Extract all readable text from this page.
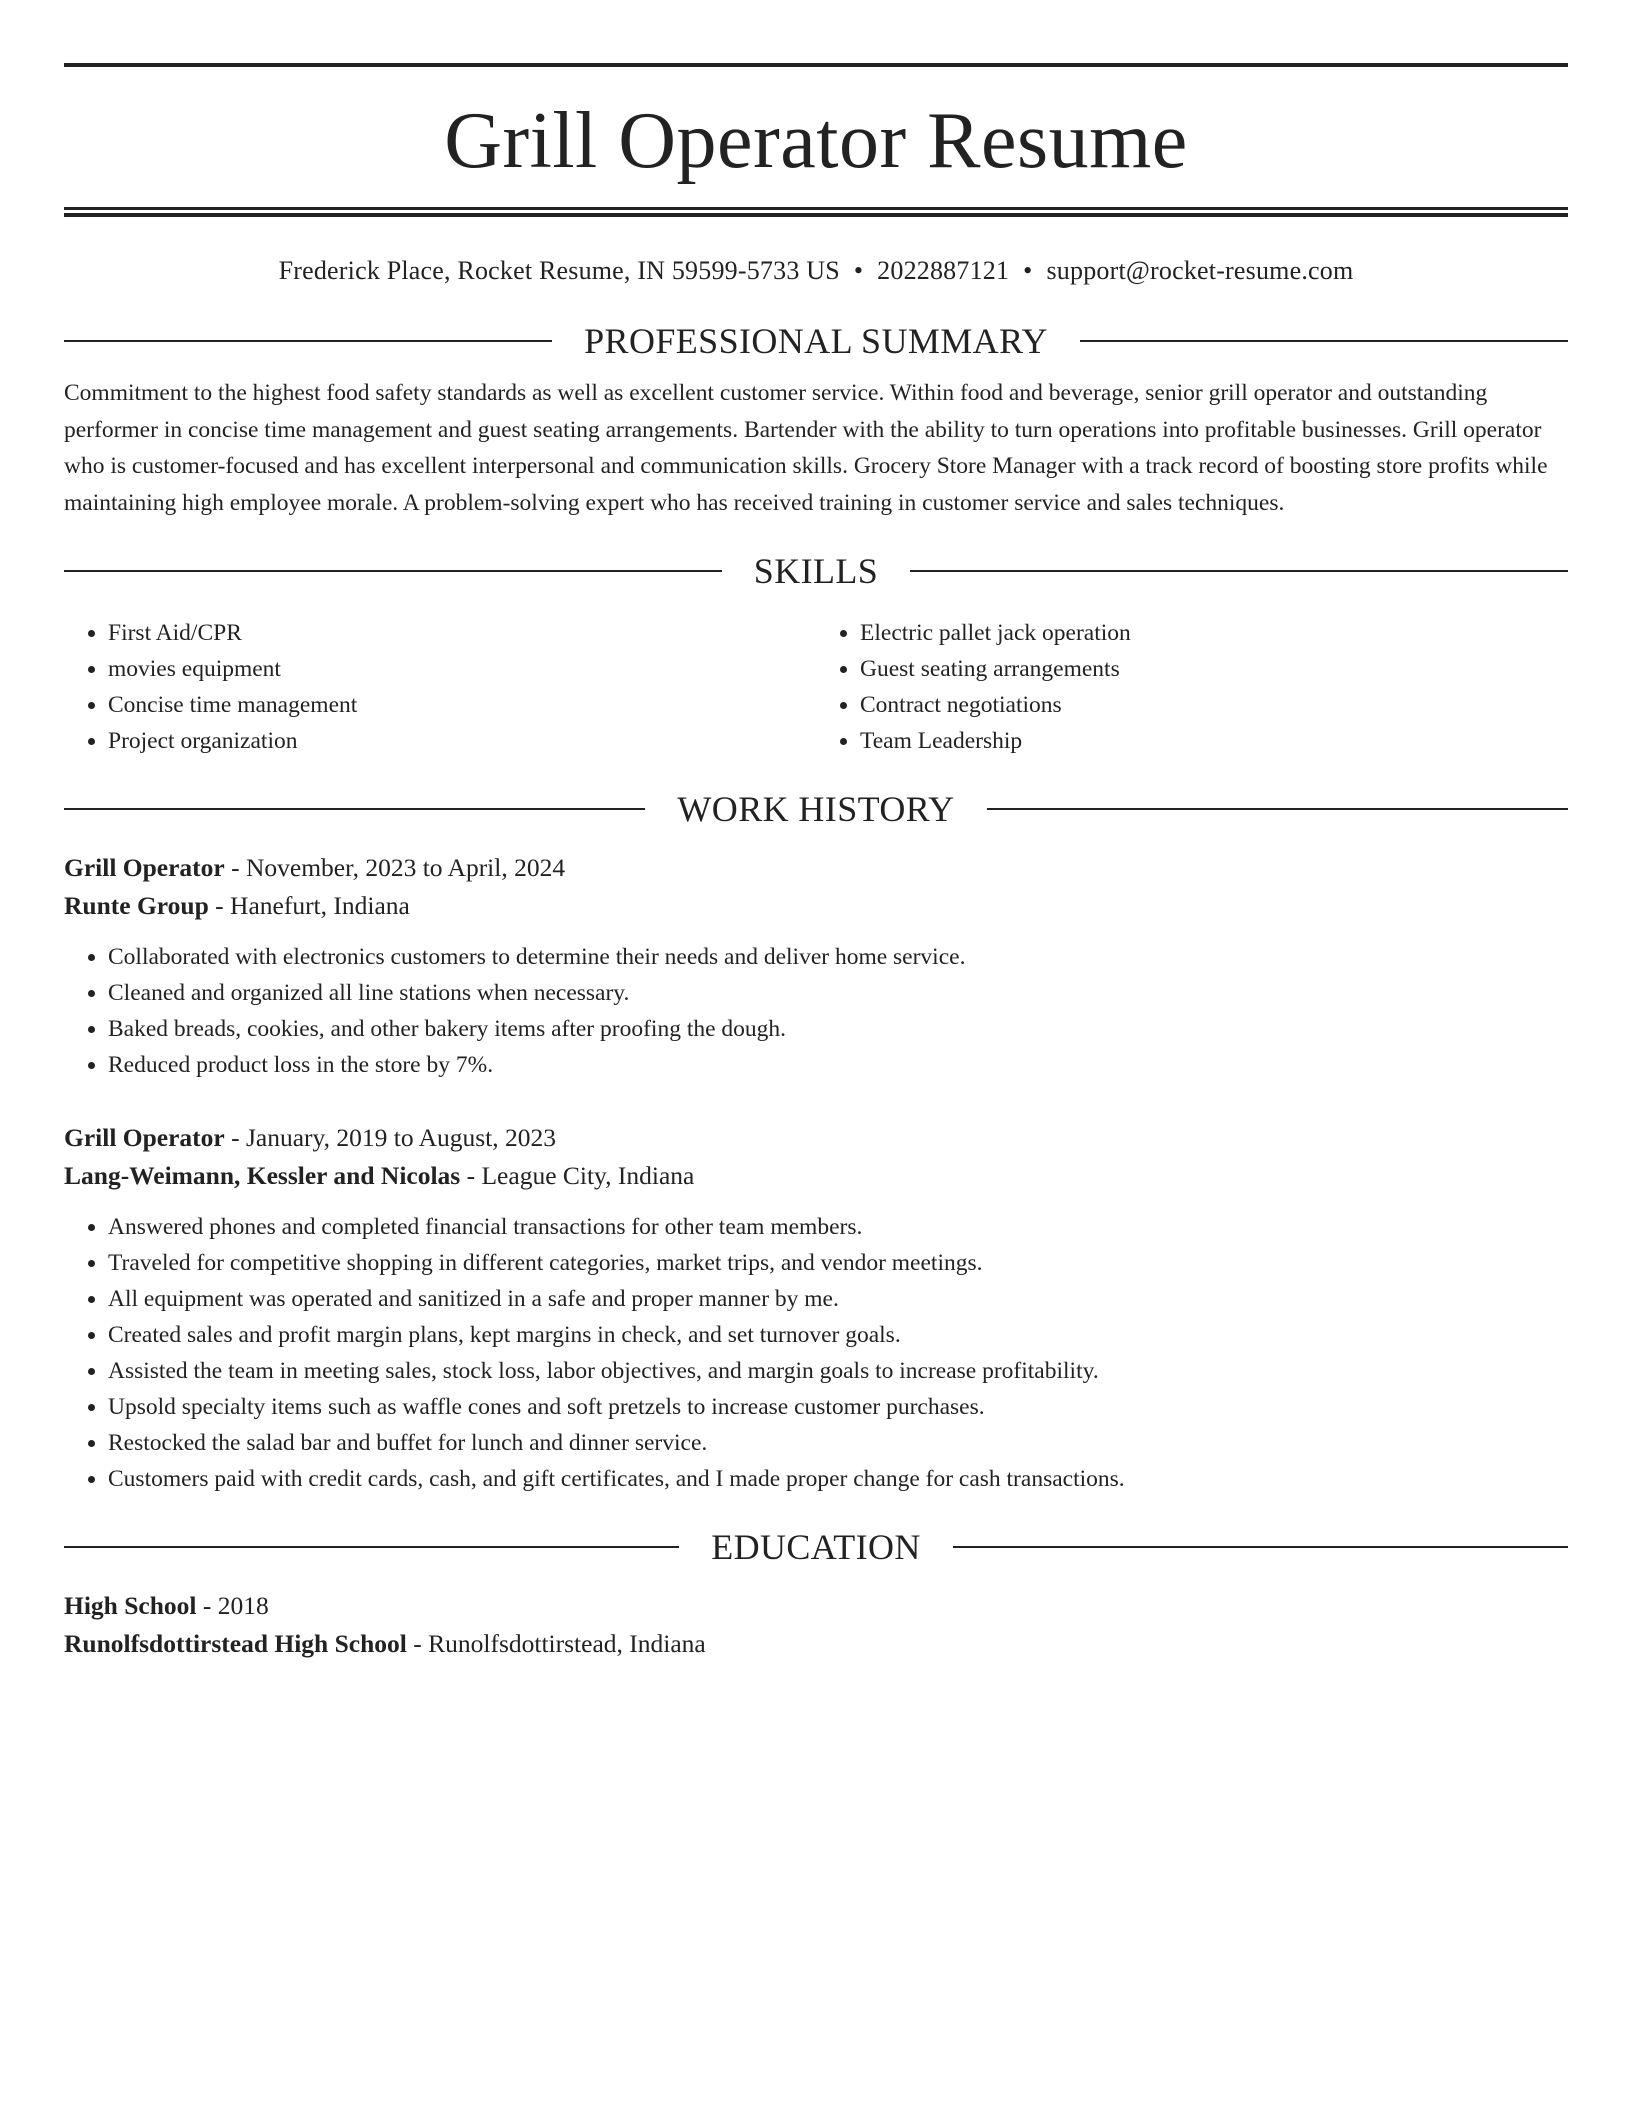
Grill Operator Resume
Frederick Place, Rocket Resume, IN 59599-5733 US • 2022887121 • support@rocket-resume.com
PROFESSIONAL SUMMARY
Commitment to the highest food safety standards as well as excellent customer service. Within food and beverage, senior grill operator and outstanding performer in concise time management and guest seating arrangements. Bartender with the ability to turn operations into profitable businesses. Grill operator who is customer-focused and has excellent interpersonal and communication skills. Grocery Store Manager with a track record of boosting store profits while maintaining high employee morale. A problem-solving expert who has received training in customer service and sales techniques.
SKILLS
• First Aid/CPR
• movies equipment
• Concise time management
• Project organization
• Electric pallet jack operation
• Guest seating arrangements
• Contract negotiations
• Team Leadership
WORK HISTORY
Grill Operator - November, 2023 to April, 2024
Runte Group - Hanefurt, Indiana
• Collaborated with electronics customers to determine their needs and deliver home service.
• Cleaned and organized all line stations when necessary.
• Baked breads, cookies, and other bakery items after proofing the dough.
• Reduced product loss in the store by 7%.
Grill Operator - January, 2019 to August, 2023
Lang-Weimann, Kessler and Nicolas - League City, Indiana
• Answered phones and completed financial transactions for other team members.
• Traveled for competitive shopping in different categories, market trips, and vendor meetings.
• All equipment was operated and sanitized in a safe and proper manner by me.
• Created sales and profit margin plans, kept margins in check, and set turnover goals.
• Assisted the team in meeting sales, stock loss, labor objectives, and margin goals to increase profitability.
• Upsold specialty items such as waffle cones and soft pretzels to increase customer purchases.
• Restocked the salad bar and buffet for lunch and dinner service.
• Customers paid with credit cards, cash, and gift certificates, and I made proper change for cash transactions.
EDUCATION
High School - 2018
Runolfsdottirstead High School - Runolfsdottirstead, Indiana
